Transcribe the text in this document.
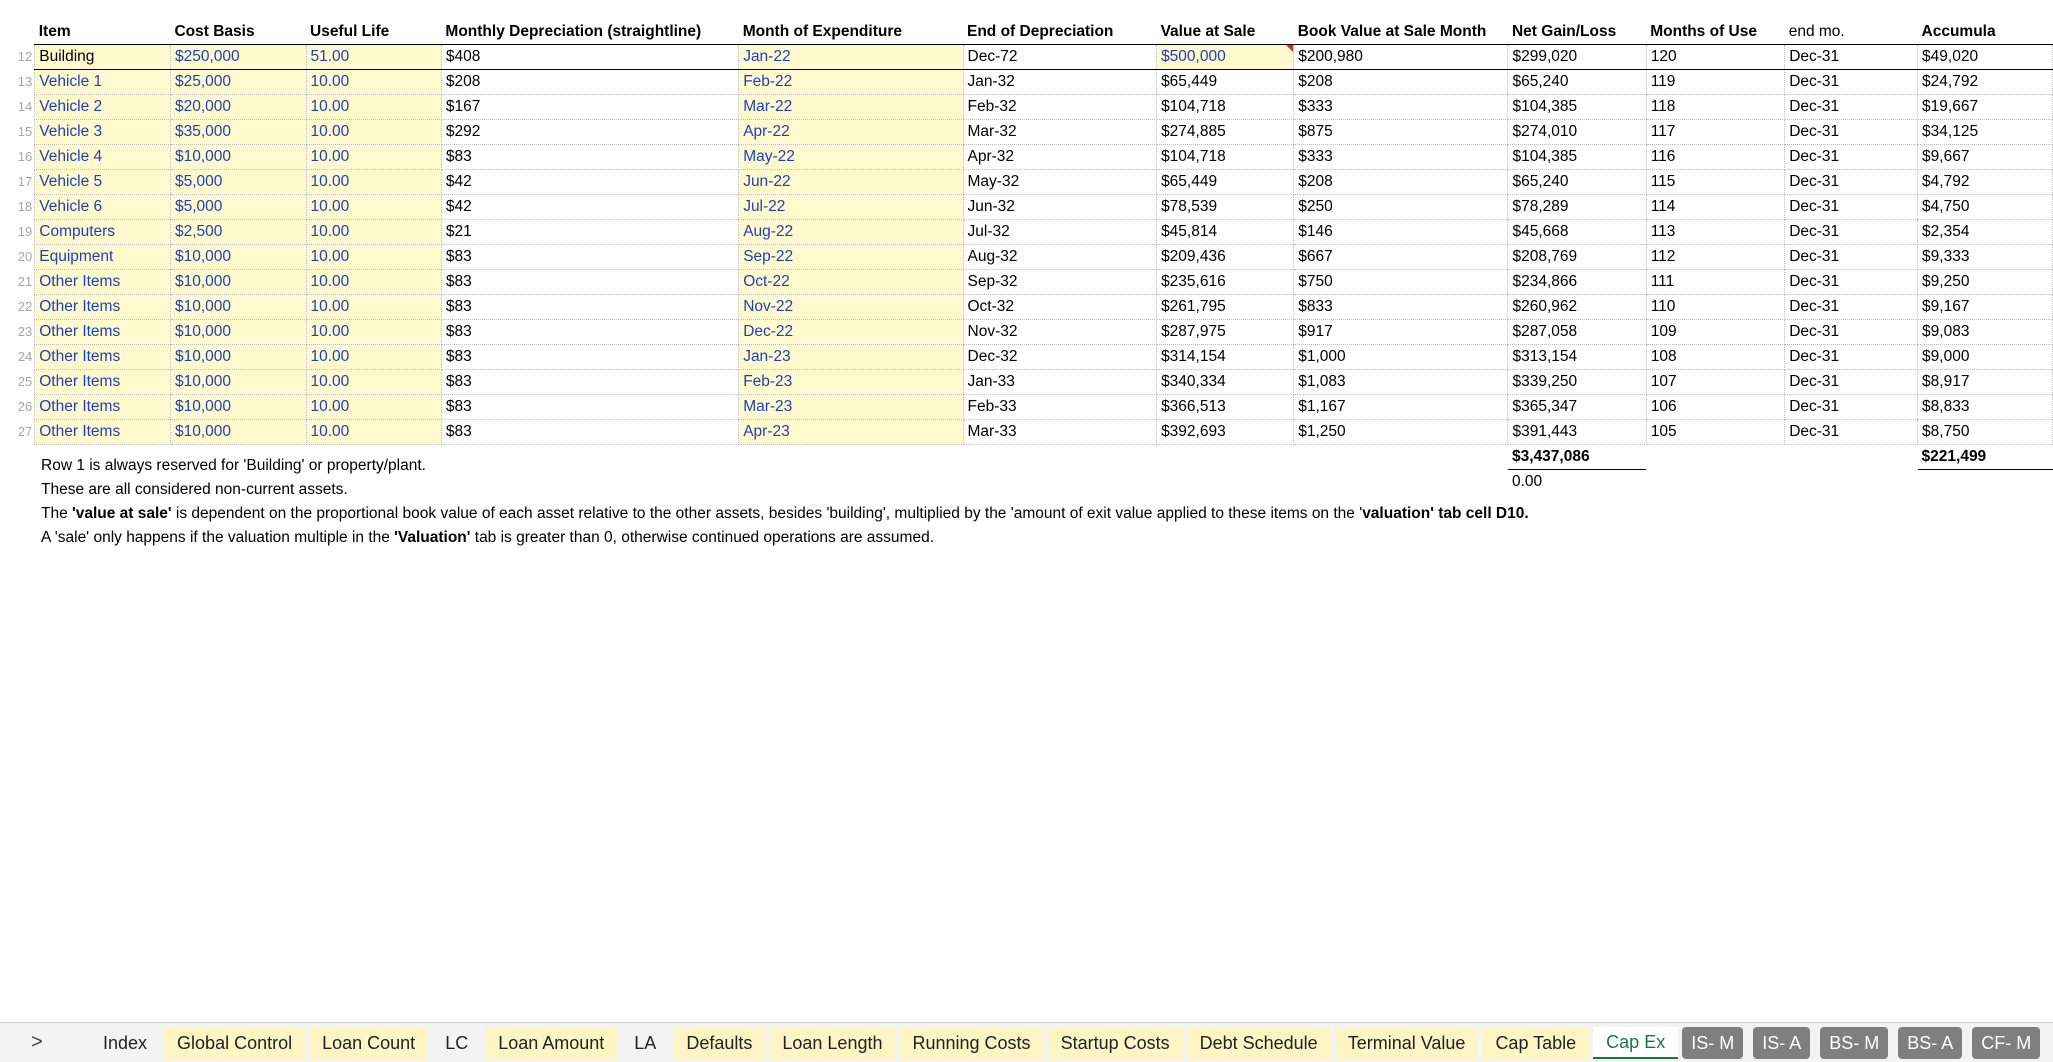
	Item	Cost Basis	Useful Life	Monthly Depreciation (straightline)	Month of Expenditure	End of Depreciation	Value at Sale	Book Value at Sale Month	Net Gain/Loss	Months of Use	end mo.	Accumula
12	Building	$250,000	51.00	$408	Jan-22	Dec-72	$500,000	$200,980	$299,020	120	Dec-31	$49,020
13	Vehicle 1	$25,000	10.00	$208	Feb-22	Jan-32	$65,449	$208	$65,240	119	Dec-31	$24,792
14	Vehicle 2	$20,000	10.00	$167	Mar-22	Feb-32	$104,718	$333	$104,385	118	Dec-31	$19,667
15	Vehicle 3	$35,000	10.00	$292	Apr-22	Mar-32	$274,885	$875	$274,010	117	Dec-31	$34,125
16	Vehicle 4	$10,000	10.00	$83	May-22	Apr-32	$104,718	$333	$104,385	116	Dec-31	$9,667
17	Vehicle 5	$5,000	10.00	$42	Jun-22	May-32	$65,449	$208	$65,240	115	Dec-31	$4,792
18	Vehicle 6	$5,000	10.00	$42	Jul-22	Jun-32	$78,539	$250	$78,289	114	Dec-31	$4,750
19	Computers	$2,500	10.00	$21	Aug-22	Jul-32	$45,814	$146	$45,668	113	Dec-31	$2,354
20	Equipment	$10,000	10.00	$83	Sep-22	Aug-32	$209,436	$667	$208,769	112	Dec-31	$9,333
21	Other Items	$10,000	10.00	$83	Oct-22	Sep-32	$235,616	$750	$234,866	111	Dec-31	$9,250
22	Other Items	$10,000	10.00	$83	Nov-22	Oct-32	$261,795	$833	$260,962	110	Dec-31	$9,167
23	Other Items	$10,000	10.00	$83	Dec-22	Nov-32	$287,975	$917	$287,058	109	Dec-31	$9,083
24	Other Items	$10,000	10.00	$83	Jan-23	Dec-32	$314,154	$1,000	$313,154	108	Dec-31	$9,000
25	Other Items	$10,000	10.00	$83	Feb-23	Jan-33	$340,334	$1,083	$339,250	107	Dec-31	$8,917
26	Other Items	$10,000	10.00	$83	Mar-23	Feb-33	$366,513	$1,167	$365,347	106	Dec-31	$8,833
27	Other Items	$10,000	10.00	$83	Apr-23	Mar-33	$392,693	$1,250	$391,443	105	Dec-31	$8,750
									$3,437,086			$221,499
									0.00			

Row 1 is always reserved for 'Building' or property/plant.

These are all considered non-current assets.

The 'value at sale' is dependent on the proportional book value of each asset relative to the other assets, besides 'building', multiplied by the 'amount of exit value applied to these items on the 'valuation' tab cell D10.

A 'sale' only happens if the valuation multiple in the 'Valuation' tab is greater than 0, otherwise continued operations are assumed.

>	Index	Global Control	Loan Count	LC	Loan Amount	LA	Defaults	Loan Length	Running Costs	Startup Costs	Debt Schedule	Terminal Value	Cap Table	Cap Ex	IS- M	IS- A	BS- M	BS- A	CF- M
